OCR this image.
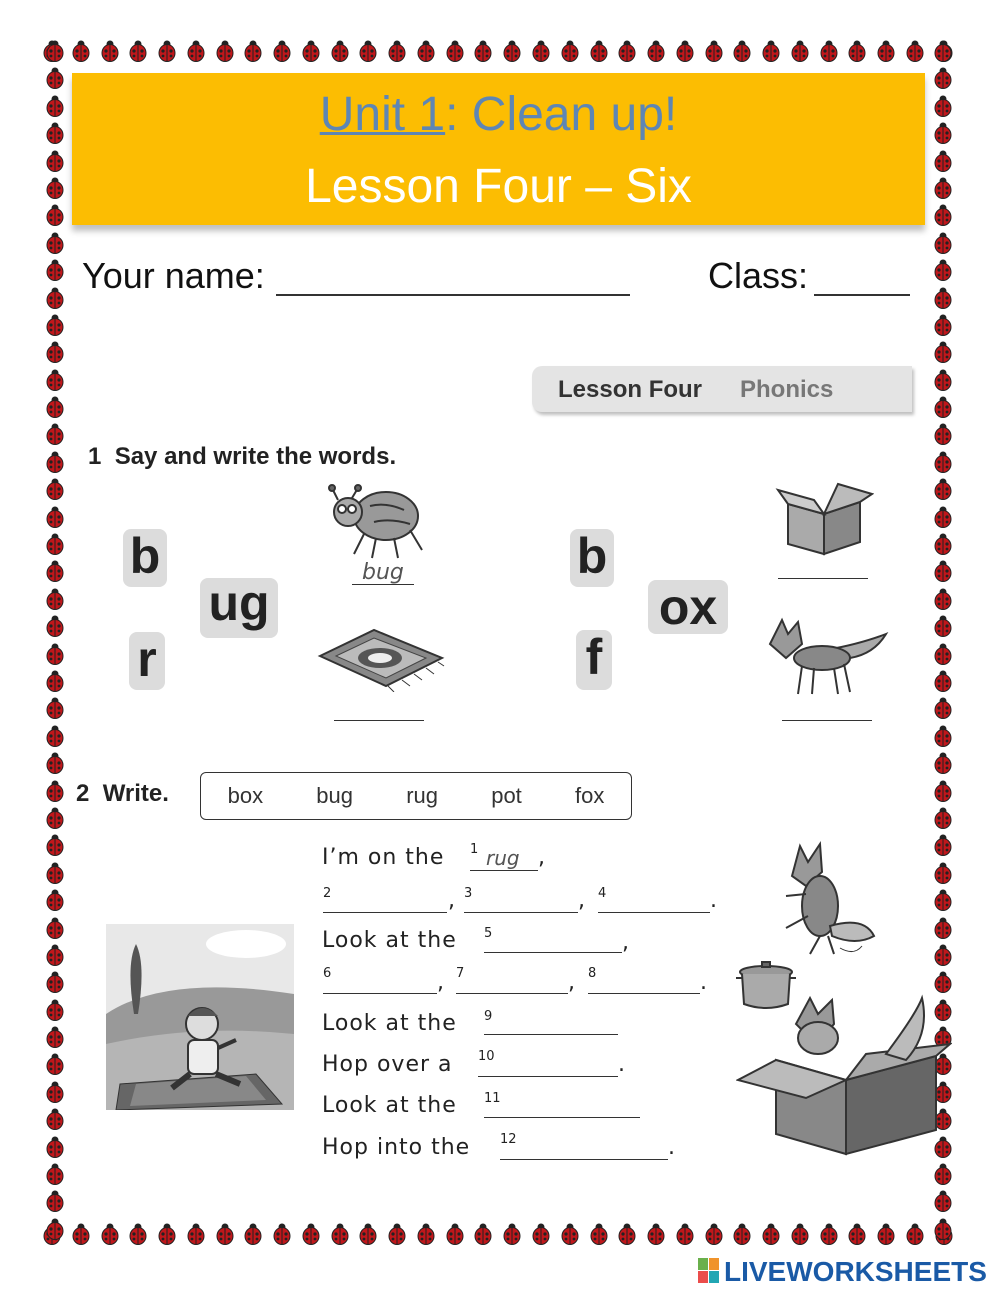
Unit 1: Clean up!
Lesson Four – Six
Your name:	Class:
Lesson Four Phonics
1 Say and write the words.
b
r
ug
b
f
ox
bug
2 Write.	box bug rug pot fox
I’m on the 1 rug ,
2	, 3	, 4	.
Look at the 5	,
6	, 7	, 8	.
Look at the 9
Hop over a 10	.
Look at the 11
Hop into the 12	.
LIVEWORKSHEETS
